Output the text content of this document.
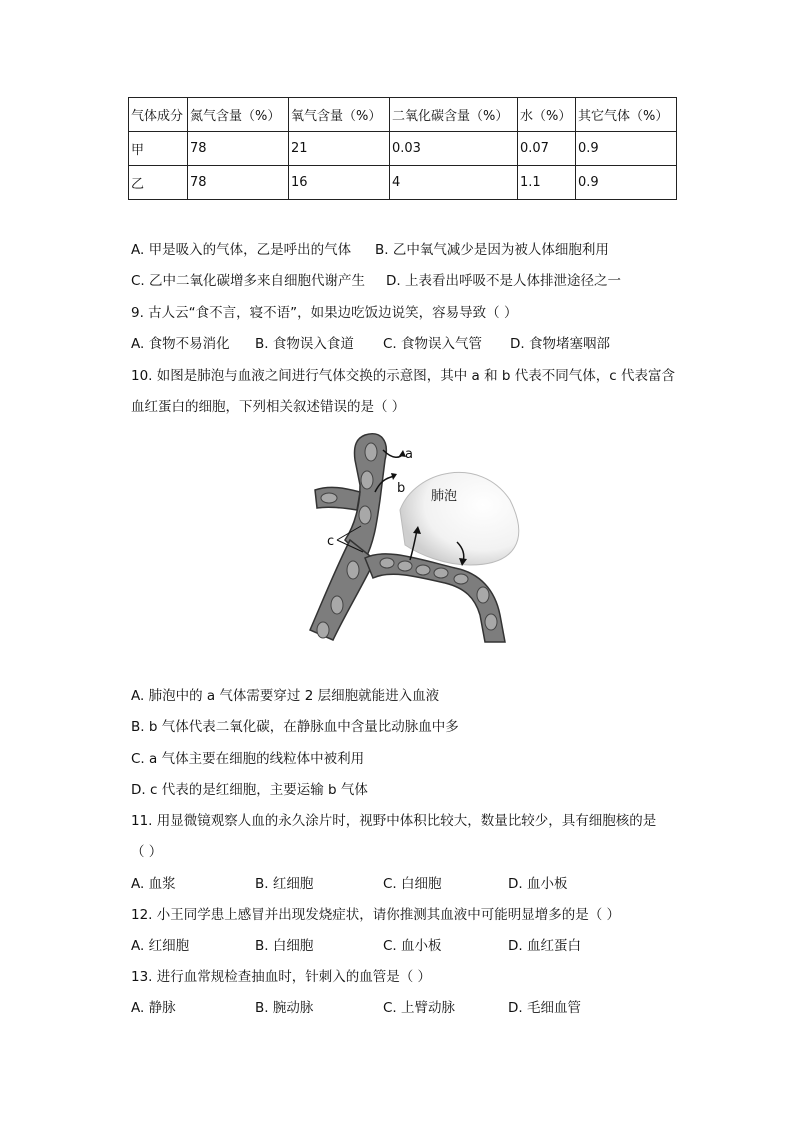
气体成分	氮气含量（%）	氧气含量（%）	二氧化碳含量（%）	水（%）	其它气体（%）
甲	78	21	0.03	0.07	0.9
乙	78	16	4	1.1	0.9
A. 甲是吸入的气体，乙是呼出的气体 B. 乙中氧气减少是因为被人体细胞利用
C. 乙中二氧化碳增多来自细胞代谢产生 D. 上表看出呼吸不是人体排泄途径之一
9. 古人云“食不言，寝不语”，如果边吃饭边说笑，容易导致（ ）
A. 食物不易消化 B. 食物误入食道 C. 食物误入气管 D. 食物堵塞咽部
10. 如图是肺泡与血液之间进行气体交换的示意图，其中 a 和 b 代表不同气体，c 代表富含
血红蛋白的细胞，下列相关叙述错误的是（ ）
a
b
c
肺泡
A. 肺泡中的 a 气体需要穿过 2 层细胞就能进入血液
B. b 气体代表二氧化碳，在静脉血中含量比动脉血中多
C. a 气体主要在细胞的线粒体中被利用
D. c 代表的是红细胞，主要运输 b 气体
11. 用显微镜观察人血的永久涂片时，视野中体积比较大，数量比较少，具有细胞核的是
（ ）
A. 血浆	B. 红细胞	C. 白细胞	D. 血小板
12. 小王同学患上感冒并出现发烧症状，请你推测其血液中可能明显增多的是（ ）
A. 红细胞	B. 白细胞	C. 血小板	D. 血红蛋白
13. 进行血常规检查抽血时，针刺入的血管是（ ）
A. 静脉	B. 腕动脉	C. 上臂动脉	D. 毛细血管
